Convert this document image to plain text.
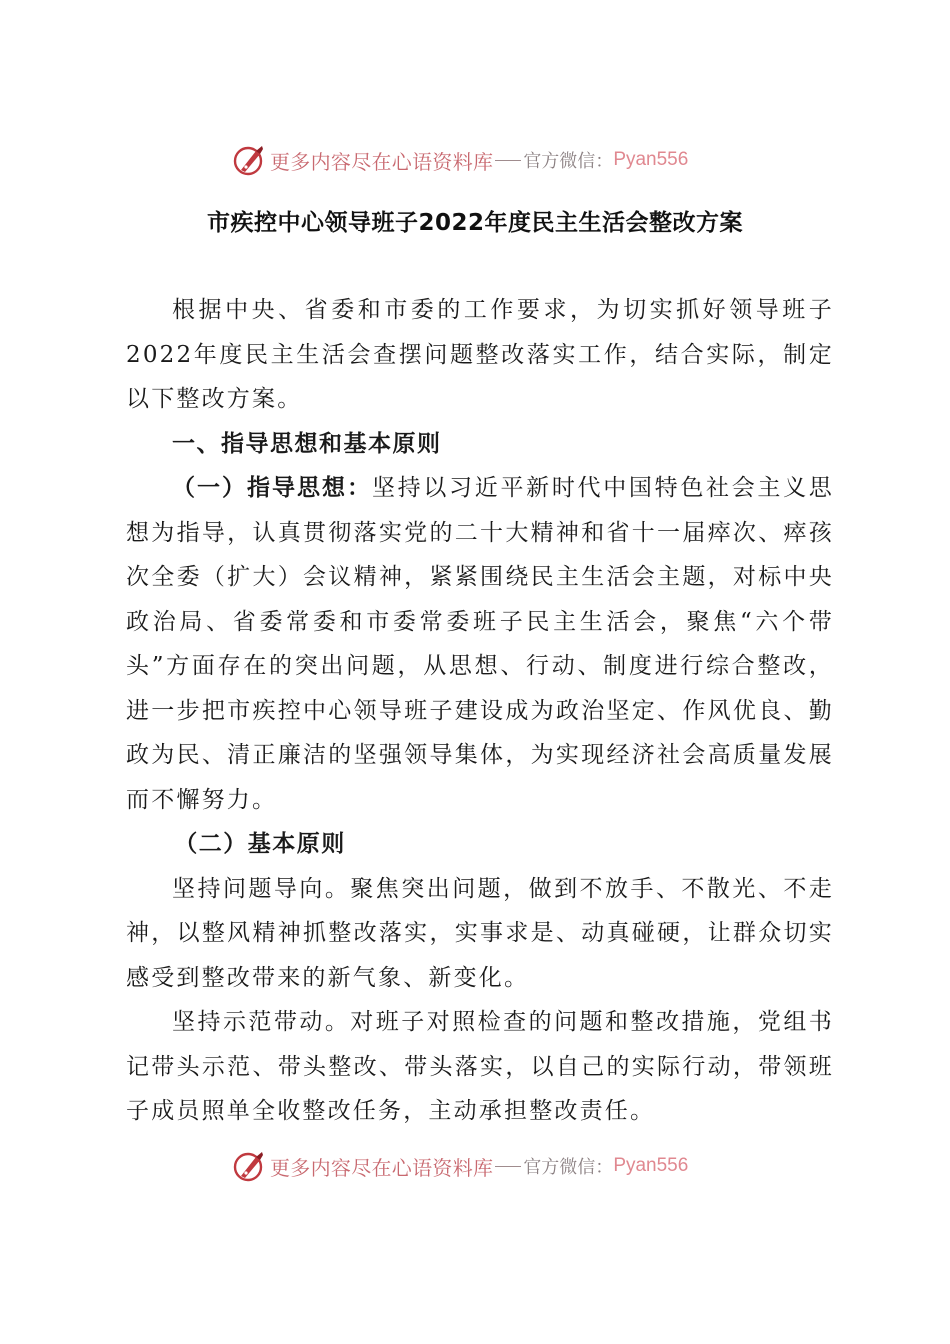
更多内容尽在心语资料库 官方微信： Pyan556
市疾控中心领导班子2022年度民主生活会整改方案

根据中央、省委和市委的工作要求，为切实抓好领导班子2022年度民主生活会查摆问题整改落实工作，结合实际，制定以下整改方案。

一、指导思想和基本原则

（一）指导思想：坚持以习近平新时代中国特色社会主义思想为指导，认真贯彻落实党的二十大精神和省十一届瘁次、瘁孩次全委（扩大）会议精神，紧紧围绕民主生活会主题，对标中央政治局、省委常委和市委常委班子民主生活会，聚焦“六个带头”方面存在的突出问题，从思想、行动、制度进行综合整改，进一步把市疾控中心领导班子建设成为政治坚定、作风优良、勤政为民、清正廉洁的坚强领导集体，为实现经济社会高质量发展而不懈努力。

（二）基本原则

坚持问题导向。聚焦突出问题，做到不放手、不散光、不走神，以整风精神抓整改落实，实事求是、动真碰硬，让群众切实感受到整改带来的新气象、新变化。

坚持示范带动。对班子对照检查的问题和整改措施，党组书记带头示范、带头整改、带头落实，以自己的实际行动，带领班子成员照单全收整改任务，主动承担整改责任。

更多内容尽在心语资料库 官方微信： Pyan556
